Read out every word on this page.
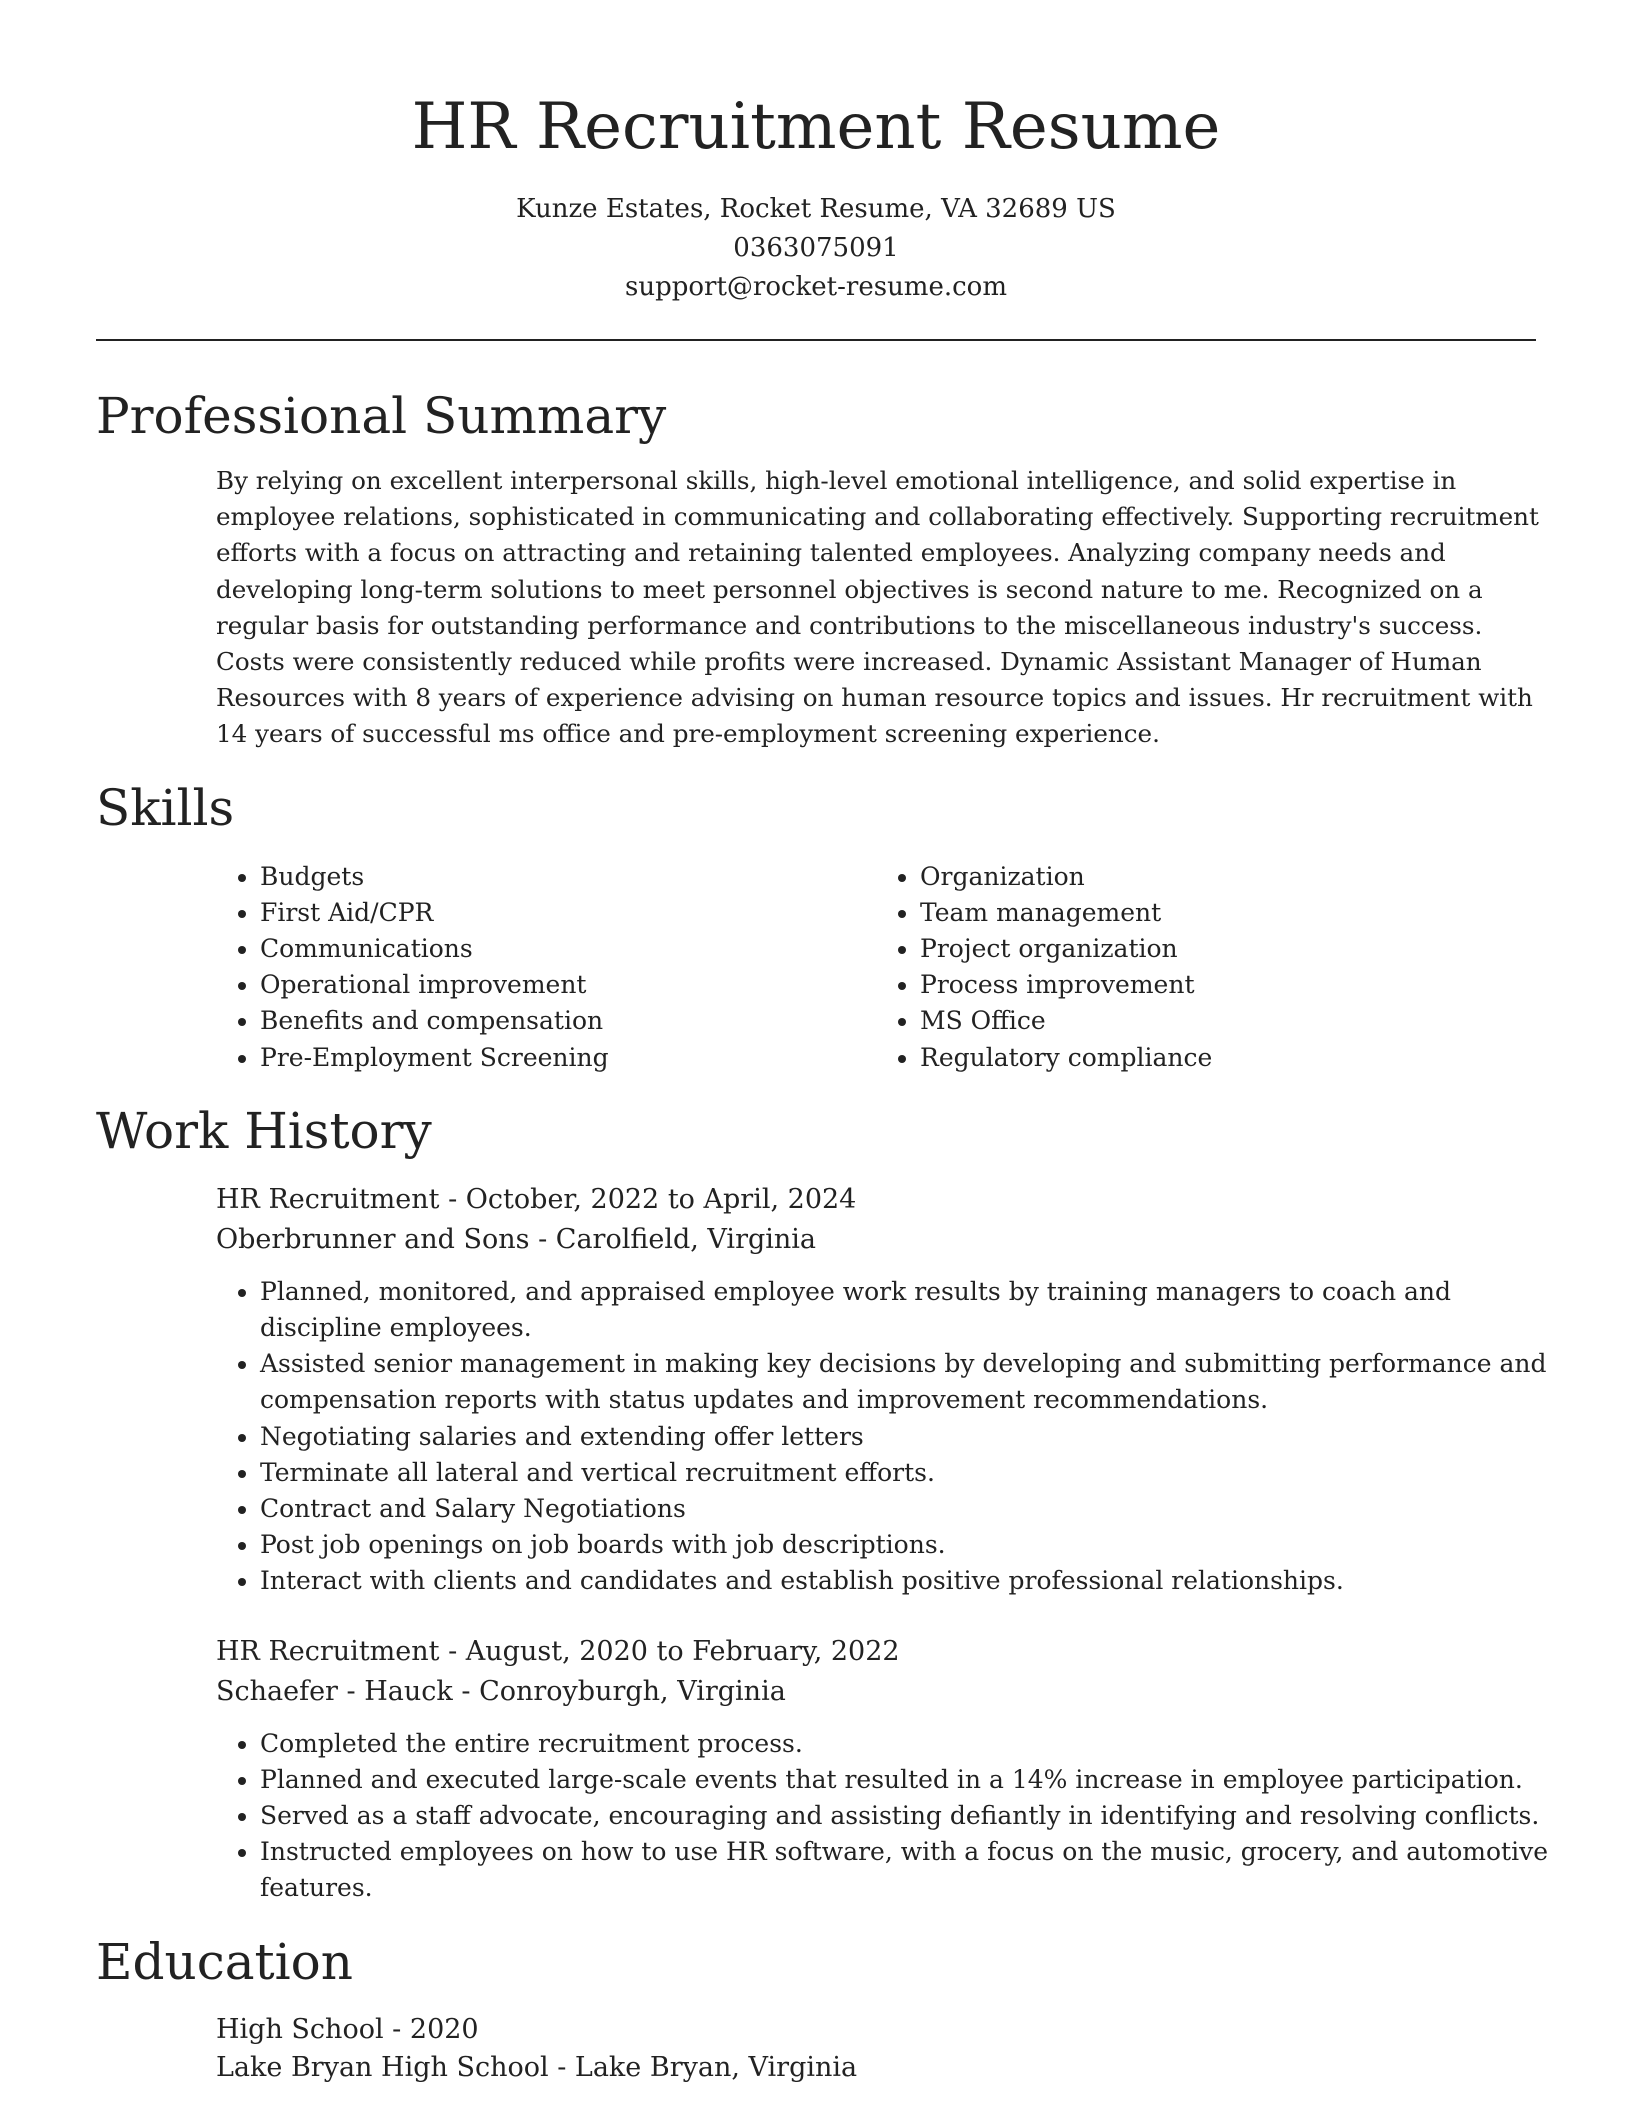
HR Recruitment Resume
Kunze Estates, Rocket Resume, VA 32689 US
0363075091
support@rocket-resume.com
Professional Summary

By relying on excellent interpersonal skills, high-level emotional intelligence, and solid expertise in employee relations, sophisticated in communicating and collaborating effectively. Supporting recruitment efforts with a focus on attracting and retaining talented employees. Analyzing company needs and developing long-term solutions to meet personnel objectives is second nature to me. Recognized on a regular basis for outstanding performance and contributions to the miscellaneous industry's success. Costs were consistently reduced while profits were increased. Dynamic Assistant Manager of Human Resources with 8 years of experience advising on human resource topics and issues. Hr recruitment with 14 years of successful ms office and pre-employment screening experience.

Skills
• Budgets
• First Aid/CPR
• Communications
• Operational improvement
• Benefits and compensation
• Pre-Employment Screening
• Organization
• Team management
• Project organization
• Process improvement
• MS Office
• Regulatory compliance
Work History
HR Recruitment - October, 2022 to April, 2024
Oberbrunner and Sons - Carolfield, Virginia
• Planned, monitored, and appraised employee work results by training managers to coach and discipline employees.
• Assisted senior management in making key decisions by developing and submitting performance and compensation reports with status updates and improvement recommendations.
• Negotiating salaries and extending offer letters
• Terminate all lateral and vertical recruitment efforts.
• Contract and Salary Negotiations
• Post job openings on job boards with job descriptions.
• Interact with clients and candidates and establish positive professional relationships.
HR Recruitment - August, 2020 to February, 2022
Schaefer - Hauck - Conroyburgh, Virginia
• Completed the entire recruitment process.
• Planned and executed large-scale events that resulted in a 14% increase in employee participation.
• Served as a staff advocate, encouraging and assisting defiantly in identifying and resolving conflicts.
• Instructed employees on how to use HR software, with a focus on the music, grocery, and automotive features.
Education
High School - 2020
Lake Bryan High School - Lake Bryan, Virginia
